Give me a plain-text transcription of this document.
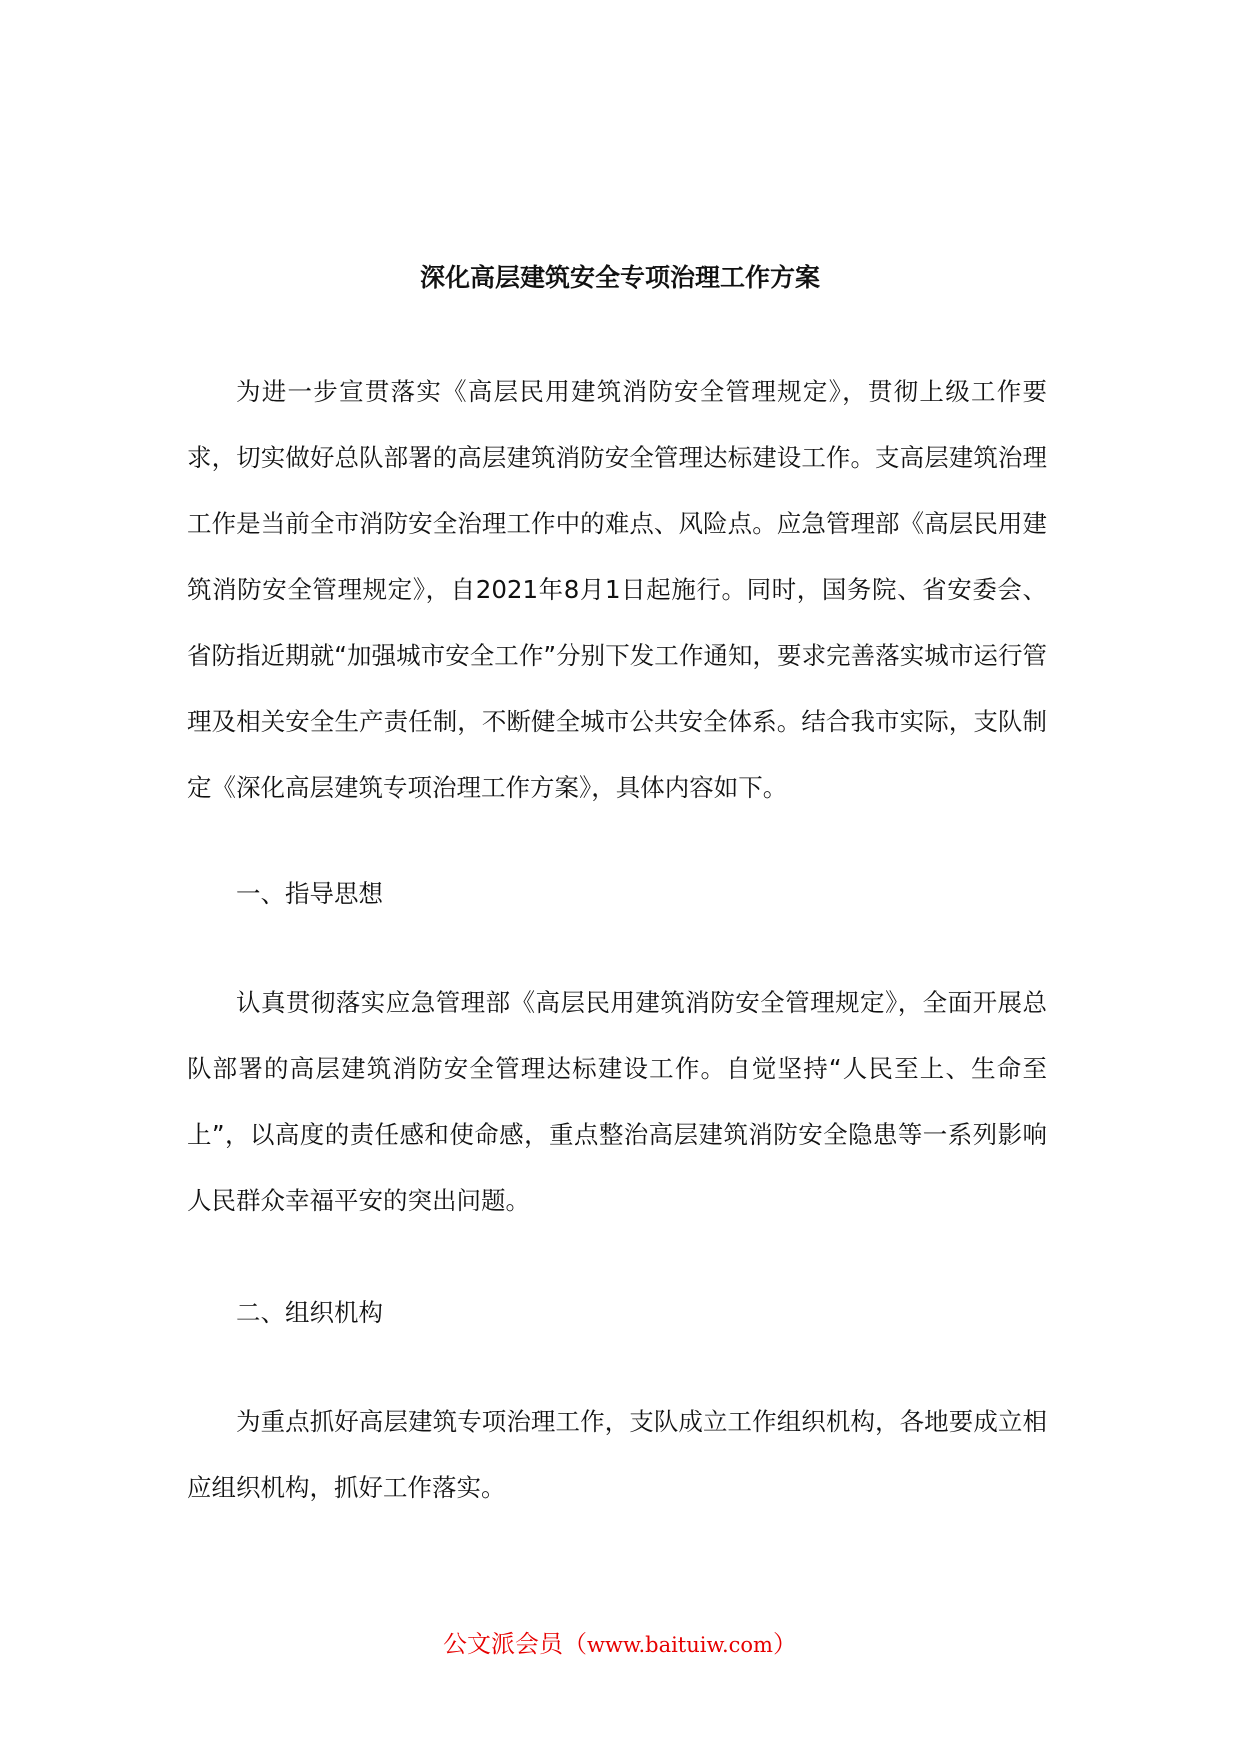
深化高层建筑安全专项治理工作方案

为进一步宣贯落实《高层民用建筑消防安全管理规定》，贯彻上级工作要求，切实做好总队部署的高层建筑消防安全管理达标建设工作。支高层建筑治理工作是当前全市消防安全治理工作中的难点、风险点。应急管理部《高层民用建筑消防安全管理规定》，自2021年8月1日起施行。同时，国务院、省安委会、省防指近期就“加强城市安全工作”分别下发工作通知，要求完善落实城市运行管理及相关安全生产责任制，不断健全城市公共安全体系。结合我市实际，支队制定《深化高层建筑专项治理工作方案》，具体内容如下。

一、指导思想

认真贯彻落实应急管理部《高层民用建筑消防安全管理规定》，全面开展总队部署的高层建筑消防安全管理达标建设工作。自觉坚持“人民至上、生命至上”，以高度的责任感和使命感，重点整治高层建筑消防安全隐患等一系列影响人民群众幸福平安的突出问题。

二、组织机构

为重点抓好高层建筑专项治理工作，支队成立工作组织机构，各地要成立相应组织机构，抓好工作落实。

公文派会员（www.baituiw.com）
